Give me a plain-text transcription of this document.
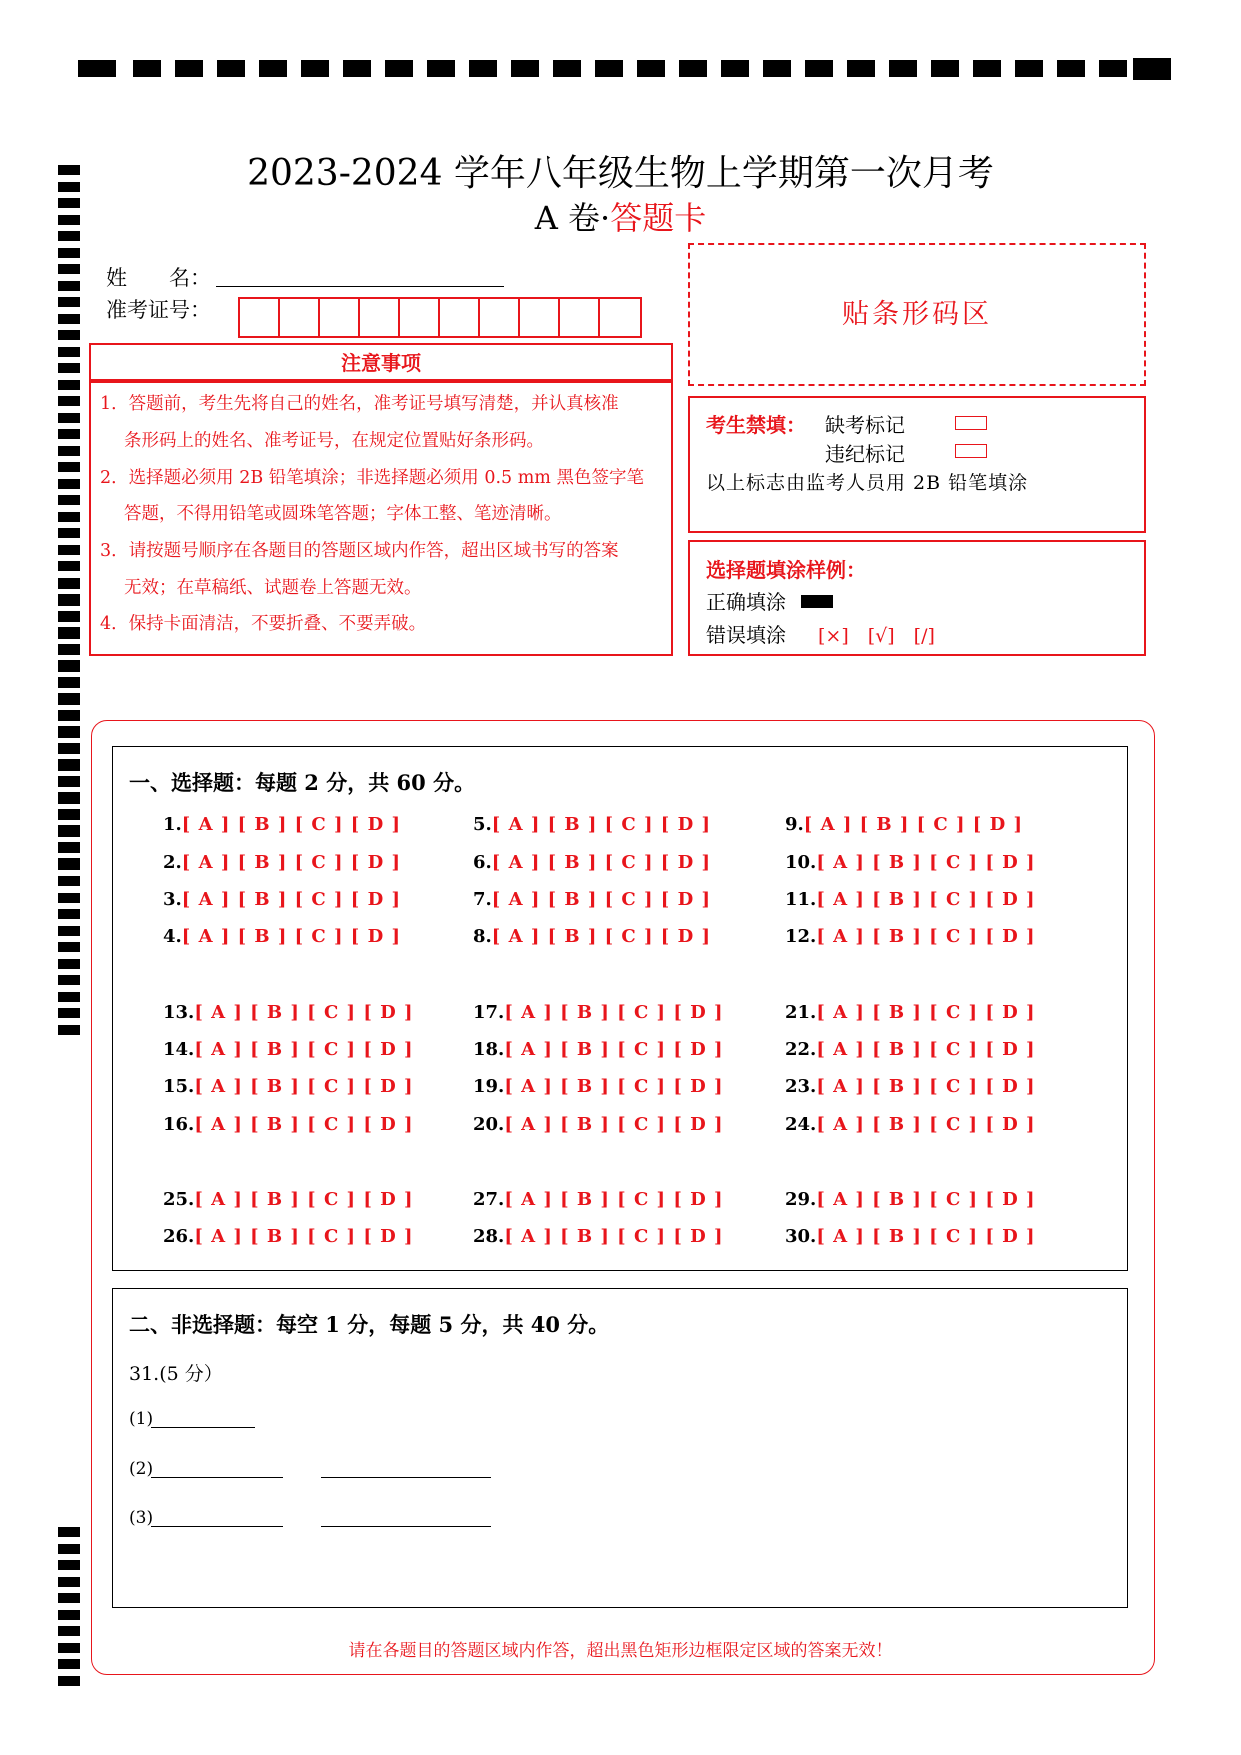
2023-2024 学年八年级生物上学期第一次月考
A 卷·答题卡
姓　　名：
准考证号：	贴条形码区
注意事项
1．答题前，考生先将自己的姓名，准考证号填写清楚，并认真核准
条形码上的姓名、准考证号，在规定位置贴好条形码。
2．选择题必须用 2B 铅笔填涂；非选择题必须用 0.5 mm 黑色签字笔
答题，不得用铅笔或圆珠笔答题；字体工整、笔迹清晰。
3．请按题号顺序在各题目的答题区域内作答，超出区域书写的答案
无效；在草稿纸、试题卷上答题无效。
4．保持卡面清洁，不要折叠、不要弄破。
考生禁填： 缺考标记
违纪标记
以上标志由监考人员用 2B 铅笔填涂
选择题填涂样例：
正确填涂
错误填涂 [×]　[√]　[/]
一、选择题：每题 2 分，共 60 分。
1.[ A ] [ B ] [ C ] [ D ]
2.[ A ] [ B ] [ C ] [ D ]
3.[ A ] [ B ] [ C ] [ D ]
4.[ A ] [ B ] [ C ] [ D ]
5.[ A ] [ B ] [ C ] [ D ]
6.[ A ] [ B ] [ C ] [ D ]
7.[ A ] [ B ] [ C ] [ D ]
8.[ A ] [ B ] [ C ] [ D ]
9.[ A ] [ B ] [ C ] [ D ]
10.[ A ] [ B ] [ C ] [ D ]
11.[ A ] [ B ] [ C ] [ D ]
12.[ A ] [ B ] [ C ] [ D ]
13.[ A ] [ B ] [ C ] [ D ]
14.[ A ] [ B ] [ C ] [ D ]
15.[ A ] [ B ] [ C ] [ D ]
16.[ A ] [ B ] [ C ] [ D ]
17.[ A ] [ B ] [ C ] [ D ]
18.[ A ] [ B ] [ C ] [ D ]
19.[ A ] [ B ] [ C ] [ D ]
20.[ A ] [ B ] [ C ] [ D ]
21.[ A ] [ B ] [ C ] [ D ]
22.[ A ] [ B ] [ C ] [ D ]
23.[ A ] [ B ] [ C ] [ D ]
24.[ A ] [ B ] [ C ] [ D ]
25.[ A ] [ B ] [ C ] [ D ]
26.[ A ] [ B ] [ C ] [ D ]
27.[ A ] [ B ] [ C ] [ D ]
28.[ A ] [ B ] [ C ] [ D ]
29.[ A ] [ B ] [ C ] [ D ]
30.[ A ] [ B ] [ C ] [ D ]
二、非选择题：每空 1 分，每题 5 分，共 40 分。
31.(5 分）
(1)
(2)
(3)
请在各题目的答题区域内作答，超出黑色矩形边框限定区域的答案无效！
